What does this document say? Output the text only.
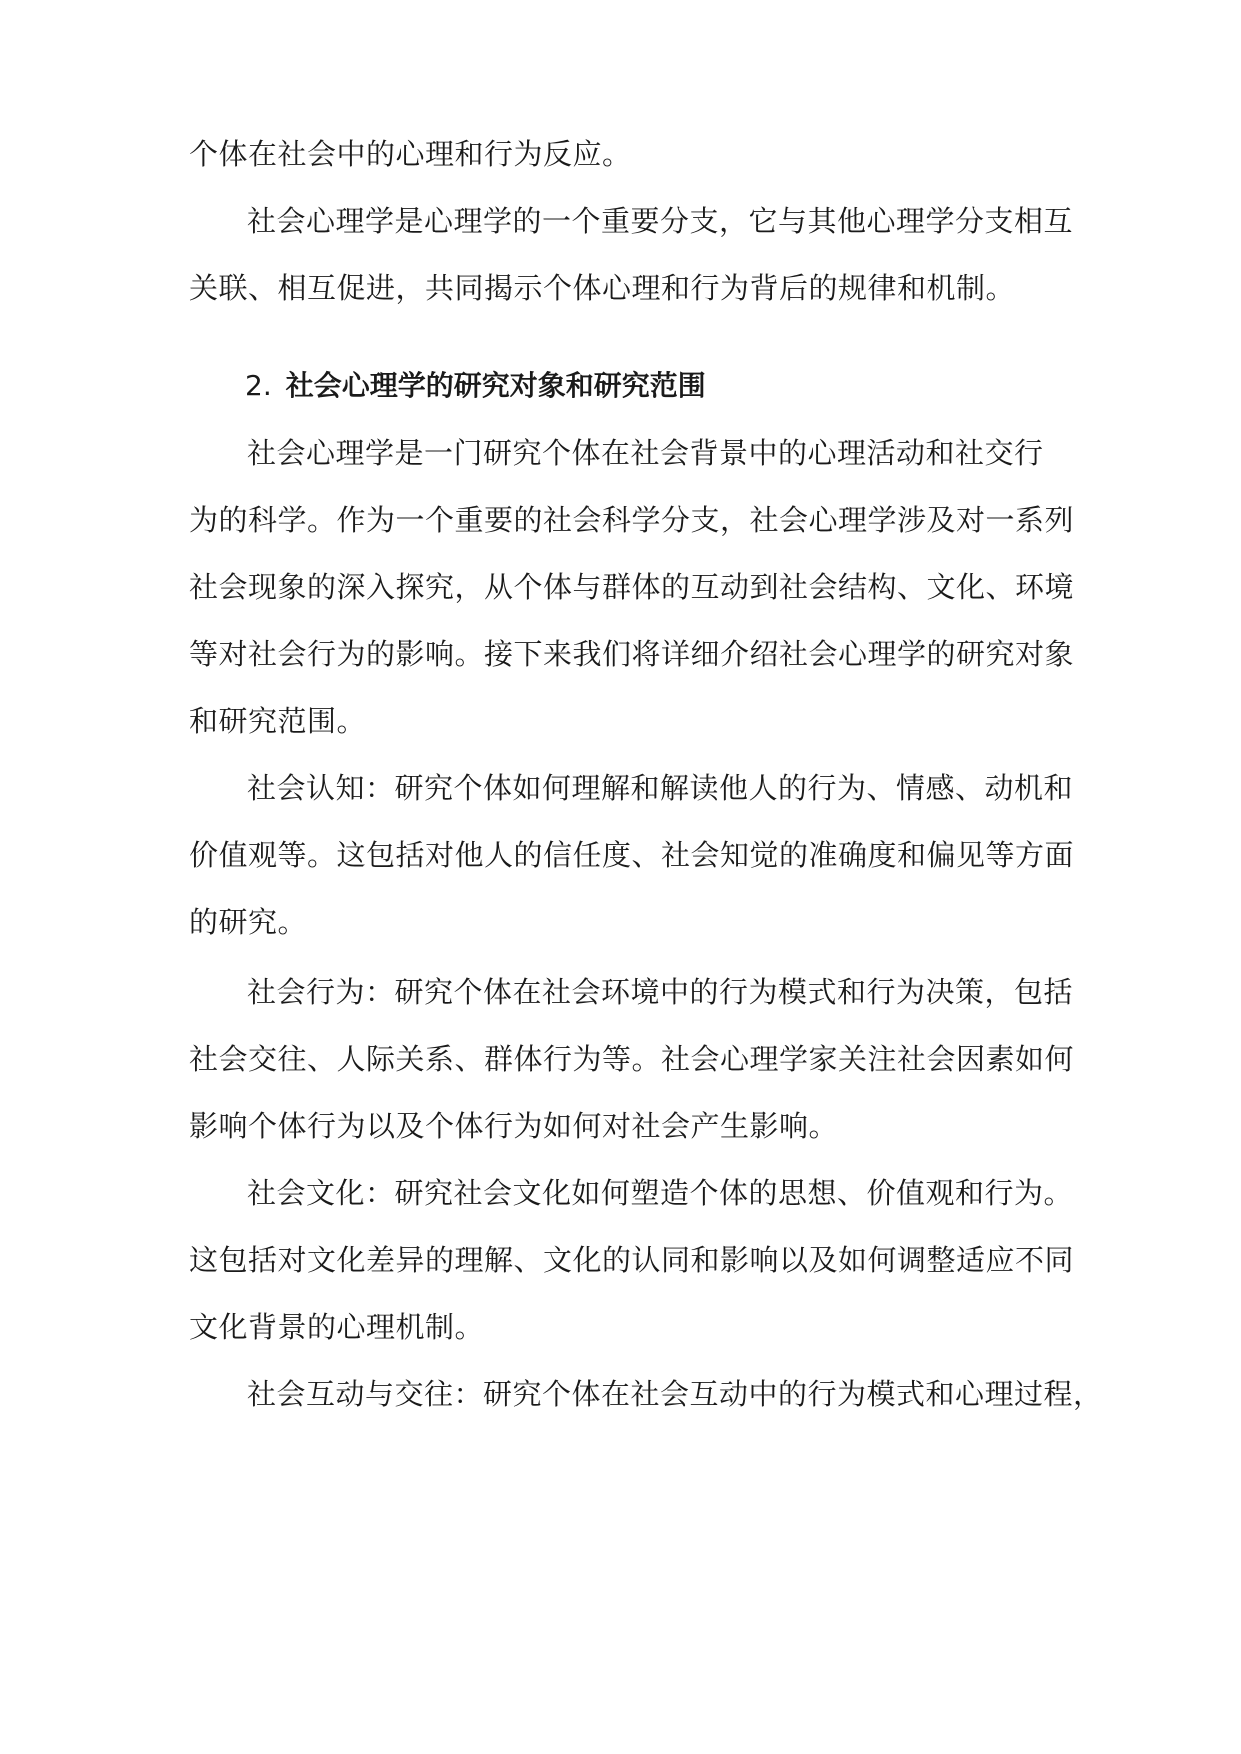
个体在社会中的心理和行为反应。
社会心理学是心理学的一个重要分支，它与其他心理学分支相互
关联、相互促进，共同揭示个体心理和行为背后的规律和机制。
2. 社会心理学的研究对象和研究范围
社会心理学是一门研究个体在社会背景中的心理活动和社交行
为的科学。作为一个重要的社会科学分支，社会心理学涉及对一系列
社会现象的深入探究，从个体与群体的互动到社会结构、文化、环境
等对社会行为的影响。接下来我们将详细介绍社会心理学的研究对象
和研究范围。
社会认知：研究个体如何理解和解读他人的行为、情感、动机和
价值观等。这包括对他人的信任度、社会知觉的准确度和偏见等方面
的研究。
社会行为：研究个体在社会环境中的行为模式和行为决策，包括
社会交往、人际关系、群体行为等。社会心理学家关注社会因素如何
影响个体行为以及个体行为如何对社会产生影响。
社会文化：研究社会文化如何塑造个体的思想、价值观和行为。
这包括对文化差异的理解、文化的认同和影响以及如何调整适应不同
文化背景的心理机制。
社会互动与交往：研究个体在社会互动中的行为模式和心理过程，
